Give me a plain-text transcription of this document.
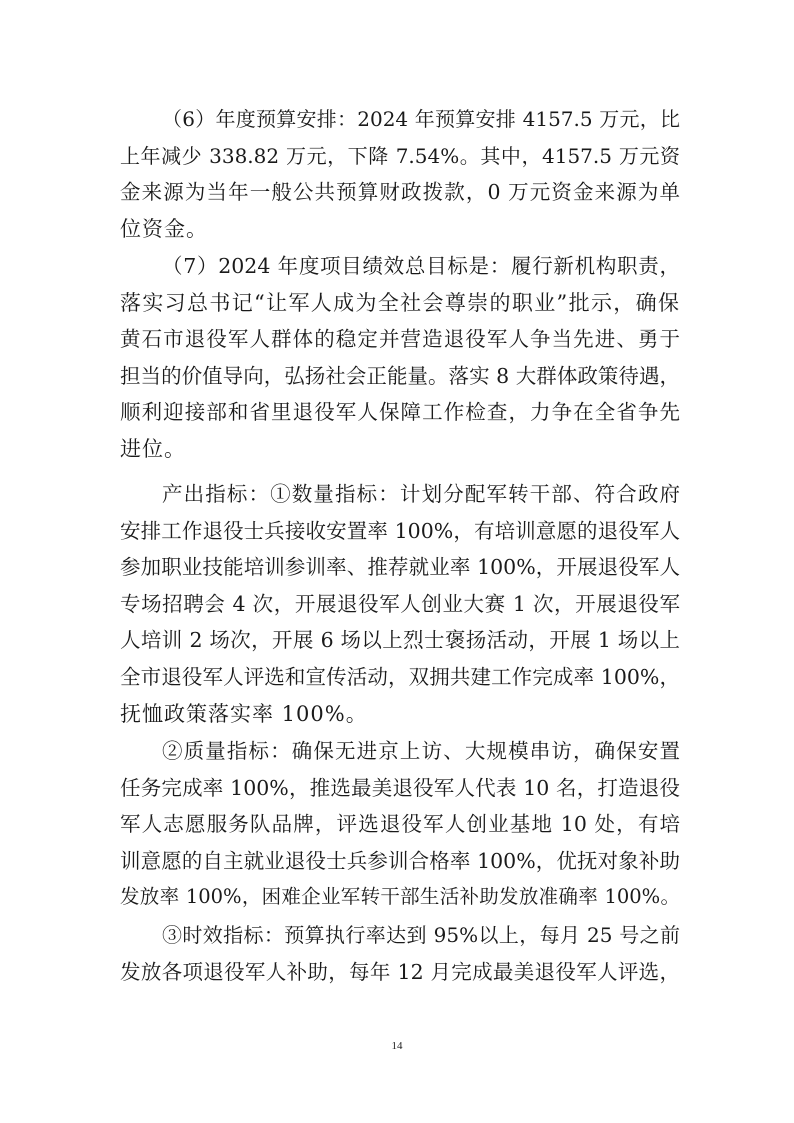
（6）年度预算安排：2024 年预算安排 4157.5 万元，比
上年减少 338.82 万元，下降 7.54%。其中，4157.5 万元资
金来源为当年一般公共预算财政拨款，0 万元资金来源为单
位资金。
（7）2024 年度项目绩效总目标是：履行新机构职责，
落实习总书记“让军人成为全社会尊崇的职业”批示，确保
黄石市退役军人群体的稳定并营造退役军人争当先进、勇于
担当的价值导向，弘扬社会正能量。落实 8 大群体政策待遇，
顺利迎接部和省里退役军人保障工作检查，力争在全省争先
进位。
产出指标：①数量指标：计划分配军转干部、符合政府
安排工作退役士兵接收安置率 100%，有培训意愿的退役军人
参加职业技能培训参训率、推荐就业率 100%，开展退役军人
专场招聘会 4 次，开展退役军人创业大赛 1 次，开展退役军
人培训 2 场次，开展 6 场以上烈士褒扬活动，开展 1 场以上
全市退役军人评选和宣传活动，双拥共建工作完成率 100%，
抚恤政策落实率 100%。
②质量指标：确保无进京上访、大规模串访，确保安置
任务完成率 100%，推选最美退役军人代表 10 名，打造退役
军人志愿服务队品牌，评选退役军人创业基地 10 处，有培
训意愿的自主就业退役士兵参训合格率 100%，优抚对象补助
发放率 100%，困难企业军转干部生活补助发放准确率 100%。
③时效指标：预算执行率达到 95%以上，每月 25 号之前
发放各项退役军人补助，每年 12 月完成最美退役军人评选，
14
